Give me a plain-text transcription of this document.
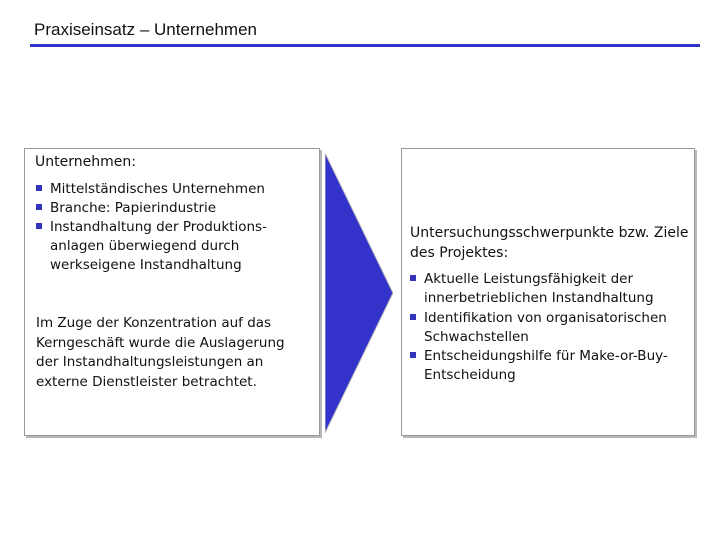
Praxiseinsatz – Unternehmen
Unternehmen:
Mittelständisches Unternehmen
Branche: Papierindustrie
Instandhaltung der Produktions-anlagen überwiegend durch werkseigene Instandhaltung
Im Zuge der Konzentration auf das Kerngeschäft wurde die Auslagerung der Instandhaltungsleistungen an externe Dienstleister betrachtet.
Untersuchungsschwerpunkte bzw. Ziele des Projektes:
Aktuelle Leistungsfähigkeit der innerbetrieblichen Instandhaltung
Identifikation von organisatorischen Schwachstellen
Entscheidungshilfe für Make-or-Buy-Entscheidung
